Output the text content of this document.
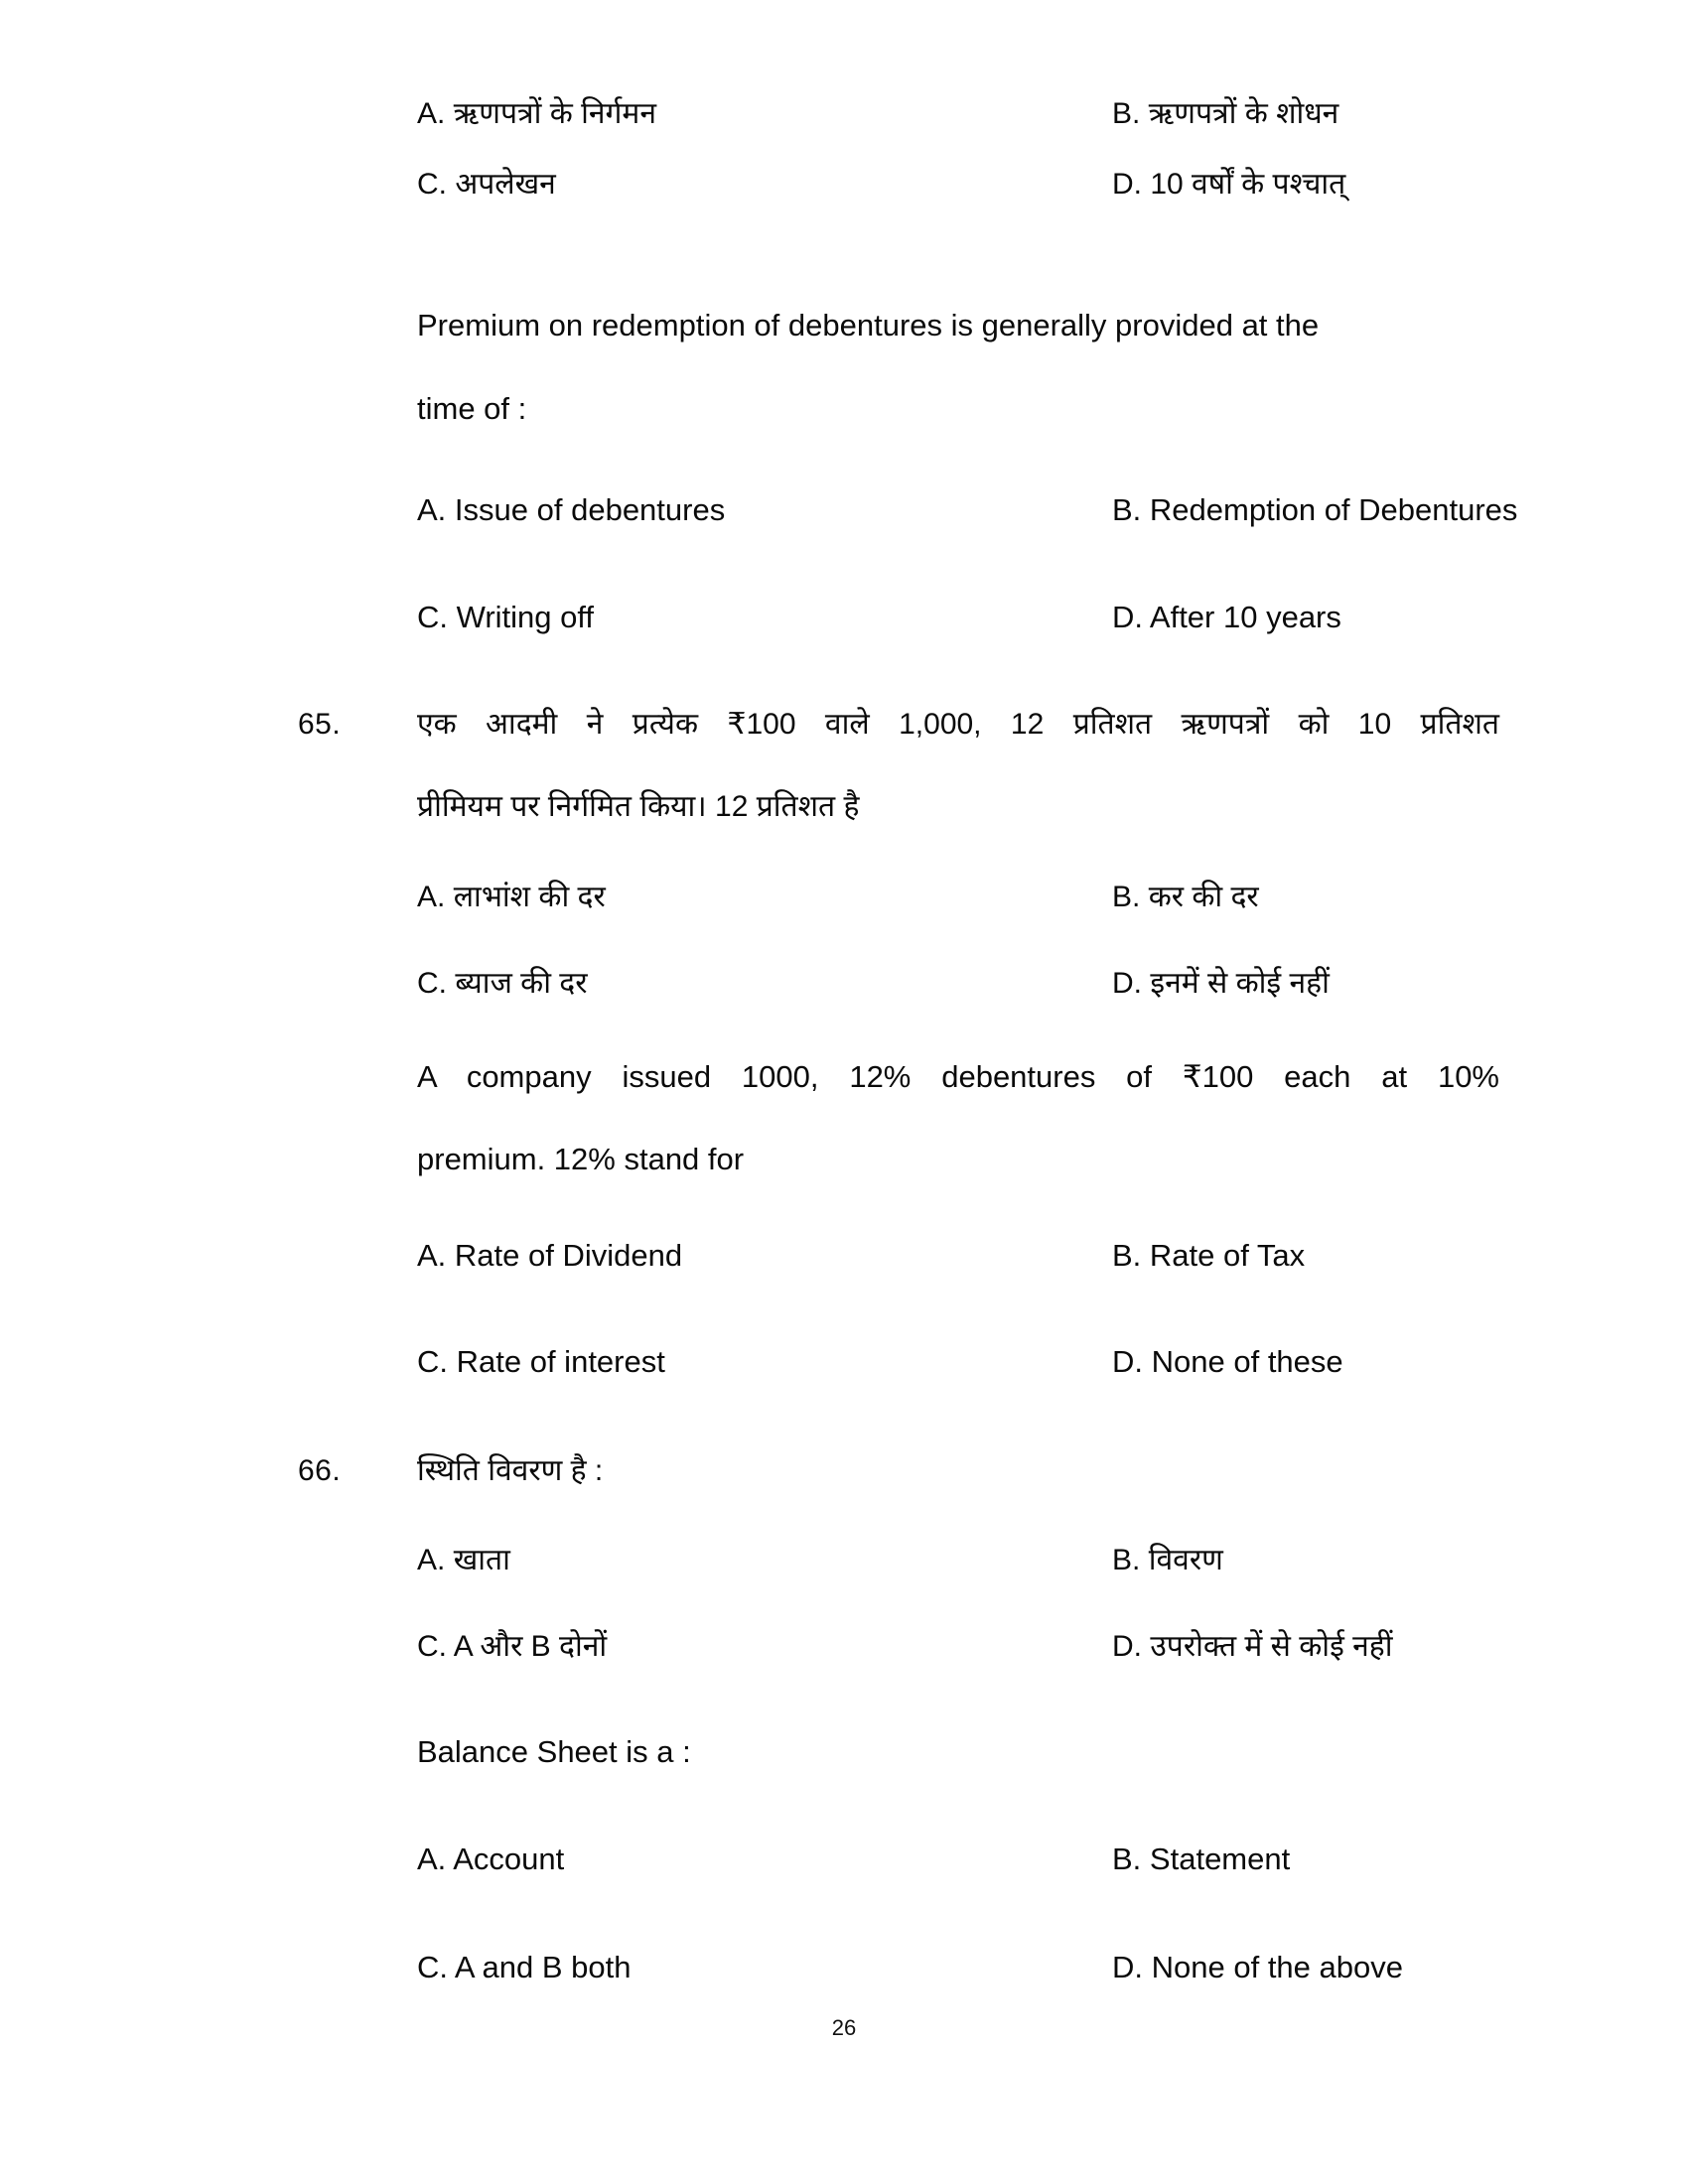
A. ऋणपत्रों के निर्गमन	B. ऋणपत्रों के शोधन
C. अपलेखन	D. 10 वर्षों के पश्चात्
Premium on redemption of debentures is generally provided at the
time of :
A. Issue of debentures	B. Redemption of Debentures
C. Writing off	D. After 10 years
65.	एक आदमी ने प्रत्येक ₹100 वाले 1,000, 12 प्रतिशत ऋणपत्रों को 10 प्रतिशत
प्रीमियम पर निर्गमित किया। 12 प्रतिशत है
A. लाभांश की दर	B. कर की दर
C. ब्याज की दर	D. इनमें से कोई नहीं
A company issued 1000, 12% debentures of ₹100 each at 10%
premium. 12% stand for
A. Rate of Dividend	B. Rate of Tax
C. Rate of interest	D. None of these
66.	स्थिति विवरण है :
A. खाता	B. विवरण
C. A और B दोनों	D. उपरोक्त में से कोई नहीं
Balance Sheet is a :
A. Account	B. Statement
C. A and B both	D. None of the above
26
